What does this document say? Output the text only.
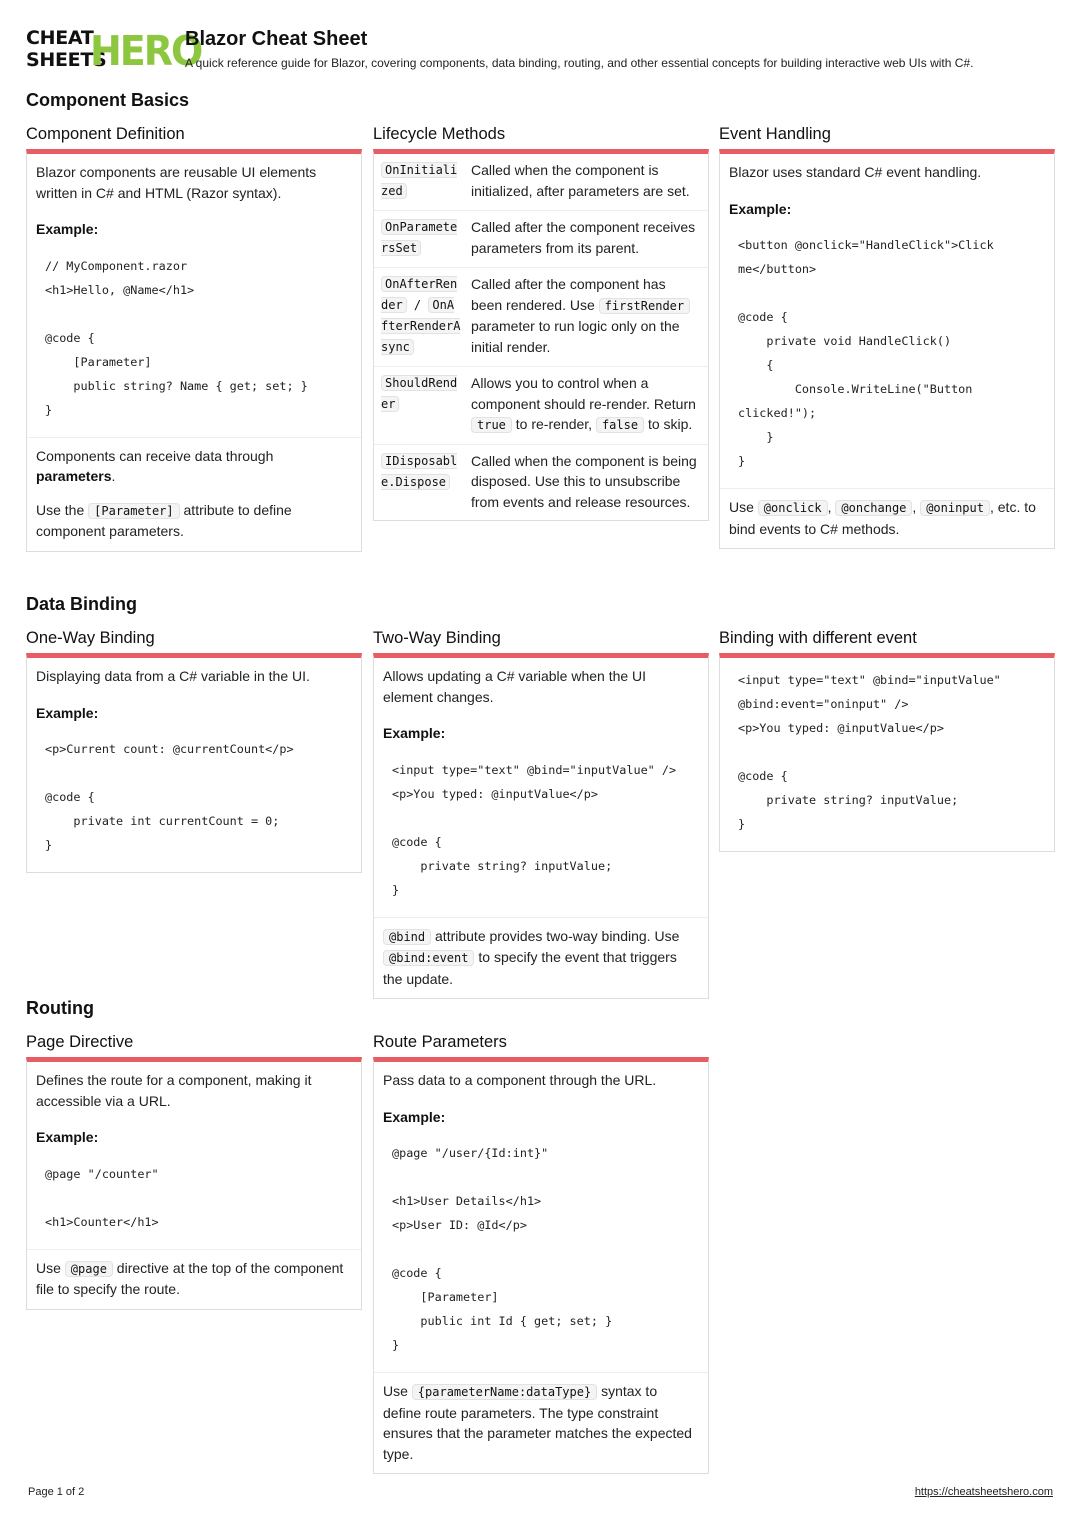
CHEAT
SHEETS
HERO
Blazor Cheat Sheet
A quick reference guide for Blazor, covering components, data binding, routing, and other essential concepts for building interactive web UIs with C#.
Component Basics
Component Definition

Blazor components are reusable UI elements written in C# and HTML (Razor syntax).

Example:

// MyComponent.razor
<h1>Hello, @Name</h1>

@code {
[Parameter]
public string? Name { get; set; }
}

Components can receive data through parameters.

Use the [Parameter] attribute to define component parameters.

Lifecycle Methods
OnInitialized
Called when the component is initialized, after parameters are set.
OnParametersSet
Called after the component receives parameters from its parent.
OnAfterRender / OnAfterRenderAsync
Called after the component has been rendered. Use firstRender parameter to run logic only on the initial render.
ShouldRender
Allows you to control when a component should re-render. Return true to re-render, false to skip.
IDisposable.Dispose
Called when the component is being disposed. Use this to unsubscribe from events and release resources.
Event Handling

Blazor uses standard C# event handling.

Example:

<button @onclick="HandleClick">Click
me</button>

@code {
private void HandleClick()
{
Console.WriteLine("Button
clicked!");
}
}

Use @onclick , @onchange , @oninput , etc. to bind events to C# methods.

Data Binding
One-Way Binding

Displaying data from a C# variable in the UI.

Example:

<p>Current count: @currentCount</p>

@code {
private int currentCount = 0;
}
Two-Way Binding

Allows updating a C# variable when the UI element changes.

Example:

<input type="text" @bind="inputValue" />
<p>You typed: @inputValue</p>

@code {
private string? inputValue;
}

@bind attribute provides two-way binding. Use @bind:event to specify the event that triggers the update.

Binding with different event
<input type="text" @bind="inputValue"
@bind:event="oninput" />
<p>You typed: @inputValue</p>

@code {
private string? inputValue;
}
Routing
Page Directive

Defines the route for a component, making it accessible via a URL.

Example:

@page "/counter"

<h1>Counter</h1>

Use @page directive at the top of the component file to specify the route.

Route Parameters

Pass data to a component through the URL.

Example:

@page "/user/{Id:int}"

<h1>User Details</h1>
<p>User ID: @Id</p>

@code {
[Parameter]
public int Id { get; set; }
}

Use {parameterName:dataType} syntax to define route parameters. The type constraint ensures that the parameter matches the expected type.

Page 1 of 2	https://cheatsheetshero.com
